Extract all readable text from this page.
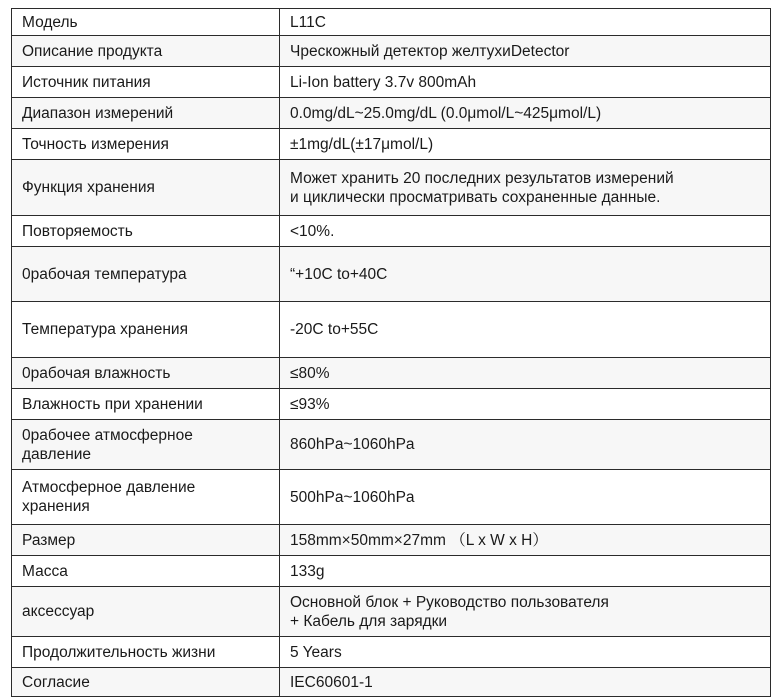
Модель	L11C
Описание продукта	Чрескожный детектор желтухиDetector
Источник питания	Li-Ion battery 3.7v 800mAh
Диапазон измерений	0.0mg/dL~25.0mg/dL (0.0μmol/L~425μmol/L)
Точность измерения	±1mg/dL(±17μmol/L)
Функция хранения	Может хранить 20 последних результатов измерений
и циклически просматривать сохраненные данные.

Повторяемость	<10%.
0рабочая температура	“+10C to+40C
Температура хранения	-20C to+55C
0рабочая влажность	≤80%
Влажность при хранении	≤93%

0рабочее атмосферное
давление	860hPa~1060hPa

Атмосферное давление
хранения	500hPa~1060hPa
Размер	158mm×50mm×27mm （L x W x H）
Масса	133g
аксессуар	Основной блок + Руководство пользователя
+ Кабель для зарядки

Продолжительность жизни	5 Years
Согласие	IEC60601-1
